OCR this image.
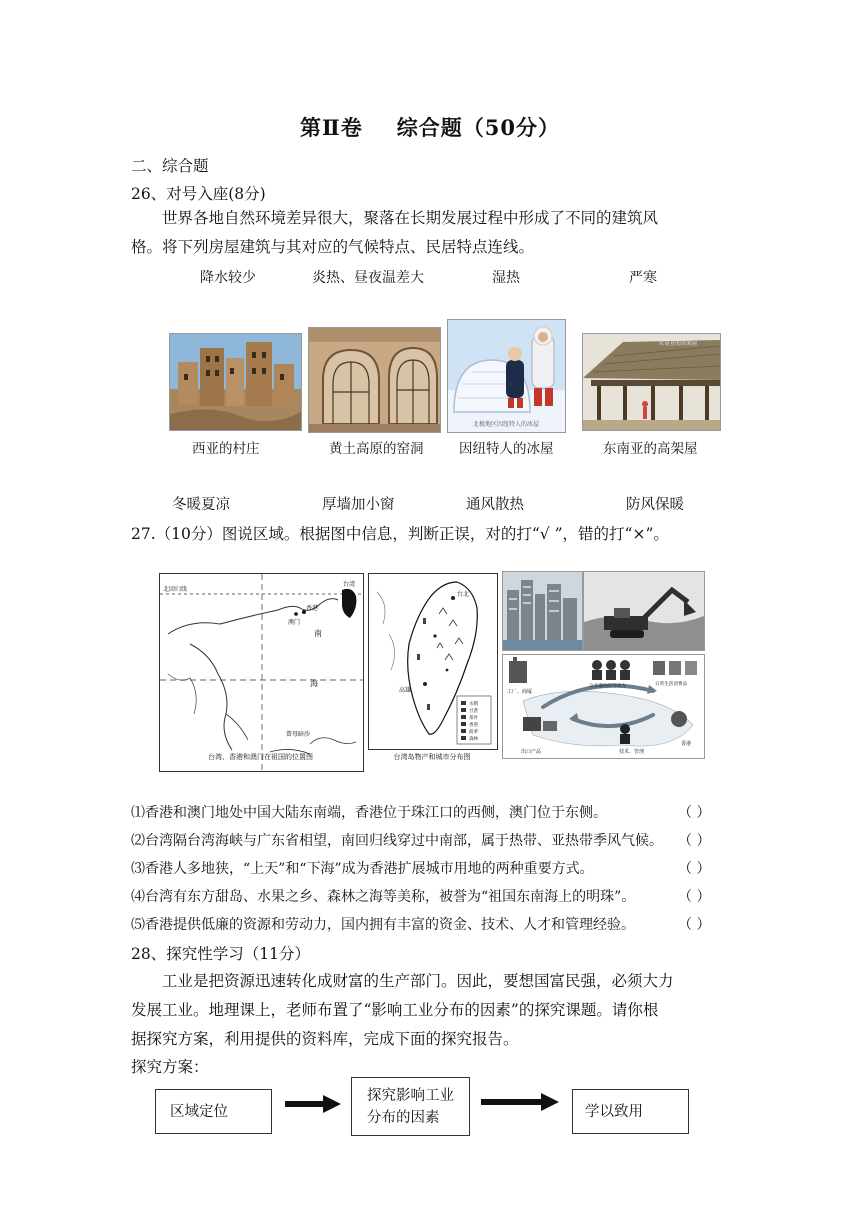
第Ⅱ卷 综合题（50分）
二、综合题
26、对号入座(8分)
世界各地自然环境差异很大，聚落在长期发展过程中形成了不同的建筑风
格。将下列房屋建筑与其对应的气候特点、民居特点连线。
降水较少	炎热、昼夜温差大	湿热	严寒
北极地区因纽特人的冰屋
东南亚的高架屋
西亚的村庄	黄土高原的窑洞	因纽特人的冰屋	东南亚的高架屋
冬暖夏凉	厚墙加小窗	通风散热	防风保暖
27.（10分）图说区域。根据图中信息，判断正误，对的打“√ ”，错的打“×”。
北回归线
台湾
香港
澳门
南
海
曾母暗沙
台湾、香港和澳门在祖国的位置图
台北
高雄
水稻
甘蔗
茶叶
香蕉
菠萝
森林
台湾岛物产和城市分布图
工厂、商厦
众多廉价的劳动力	日常生活消费品
出口产品	技术、管理
香港
⑴香港和澳门地处中国大陆东南端，香港位于珠江口的西侧，澳门位于东侧。	（ ）
⑵台湾隔台湾海峡与广东省相望，南回归线穿过中南部，属于热带、亚热带季风气候。 （ ）
⑶香港人多地狭，“上天”和“下海”成为香港扩展城市用地的两种重要方式。	（ ）
⑷台湾有东方甜岛、水果之乡、森林之海等美称，被誉为“祖国东南海上的明珠”。	（ ）
⑸香港提供低廉的资源和劳动力，国内拥有丰富的资金、技术、人才和管理经验。	（ ）
28、探究性学习（11分）
工业是把资源迅速转化成财富的生产部门。因此，要想国富民强，必须大力
发展工业。地理课上，老师布置了“影响工业分布的因素”的探究课题。请你根
据探究方案，利用提供的资料库，完成下面的探究报告。
探究方案：
区域定位
探究影响工业
分布的因素	学以致用
